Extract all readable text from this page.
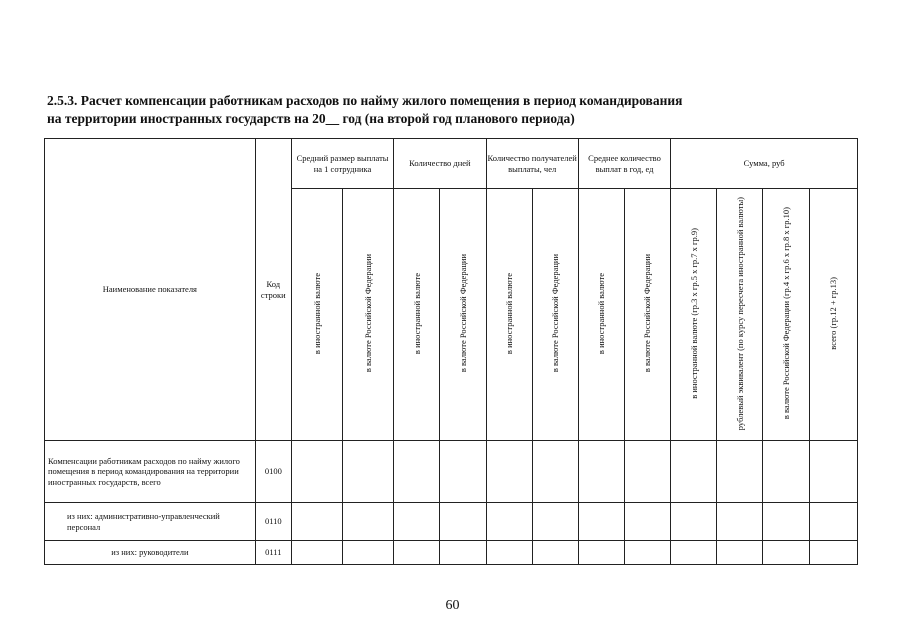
2.5.3. Расчет компенсации работникам расходов по найму жилого помещения в период командирования
на территории иностранных государств на 20__ год (на второй год планового периода)
Наименование показателя	Код строки	Средний размер выплаты на 1 сотрудника		Количество дней		Количество получателей выплаты, чел		Среднее количество выплат в год, ед		Сумма, руб			
		в иностранной валюте	в валюте Российской Федерации	в иностранной валюте	в валюте Российской Федерации	в иностранной валюте	в валюте Российской Федерации	в иностранной валюте	в валюте Российской Федерации	в иностранной валюте (гр.3 х гр.5 х гр.7 х гр.9)	рублевый эквивалент (по курсу пересчета иностранной валюты)	в валюте Российской Федерации (гр.4 х гр.6 х гр.8 х гр.10)	всего (гр.12 + гр.13)
Компенсации работникам расходов по найму жилого помещения в период командирования на территории иностранных государств, всего	0100												
из них: административно-управленческий персонал	0110												
из них: руководители	0111												
60
